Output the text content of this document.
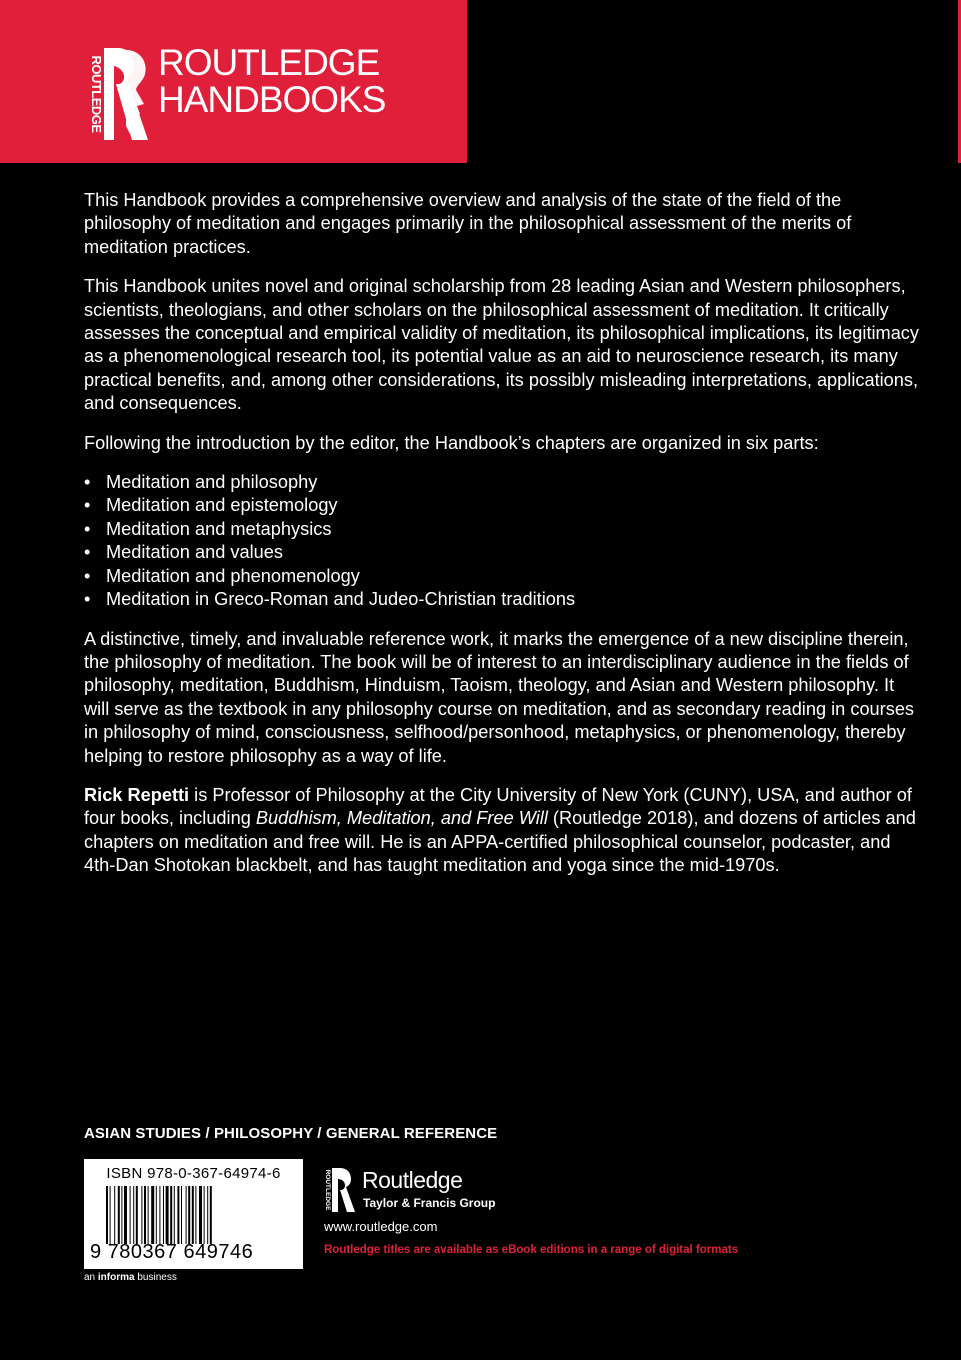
ROUTLEDGE ROUTLEDGE
HANDBOOKS

This Handbook provides a comprehensive overview and analysis of the state of the field of the philosophy of meditation and engages primarily in the philosophical assessment of the merits of meditation practices.

This Handbook unites novel and original scholarship from 28 leading Asian and Western philosophers, scientists, theologians, and other scholars on the philosophical assessment of meditation. It critically assesses the conceptual and empirical validity of meditation, its philosophical implications, its legitimacy as a phenomenological research tool, its potential value as an aid to neuroscience research, its many practical benefits, and, among other considerations, its possibly misleading interpretations, applications, and consequences.

Following the introduction by the editor, the Handbook’s chapters are organized in six parts:

• Meditation and philosophy
• Meditation and epistemology
• Meditation and metaphysics
• Meditation and values
• Meditation and phenomenology
• Meditation in Greco-Roman and Judeo-Christian traditions

A distinctive, timely, and invaluable reference work, it marks the emergence of a new discipline therein, the philosophy of meditation. The book will be of interest to an interdisciplinary audience in the fields of philosophy, meditation, Buddhism, Hinduism, Taoism, theology, and Asian and Western philosophy. It will serve as the textbook in any philosophy course on meditation, and as secondary reading in courses in philosophy of mind, consciousness, selfhood/personhood, metaphysics, or phenomenology, thereby helping to restore philosophy as a way of life.

Rick Repetti is Professor of Philosophy at the City University of New York (CUNY), USA, and author of four books, including Buddhism, Meditation, and Free Will (Routledge 2018), and dozens of articles and chapters on meditation and free will. He is an APPA-certified philosophical counselor, podcaster, and 4th-Dan Shotokan blackbelt, and has taught meditation and yoga since the mid-1970s.

ASIAN STUDIES / PHILOSOPHY / GENERAL REFERENCE
ISBN 978-0-367-64974-6
9 780367 649746
an informa business
ROUTLEDGE Routledge
Taylor & Francis Group
www.routledge.com
Routledge titles are available as eBook editions in a range of digital formats
